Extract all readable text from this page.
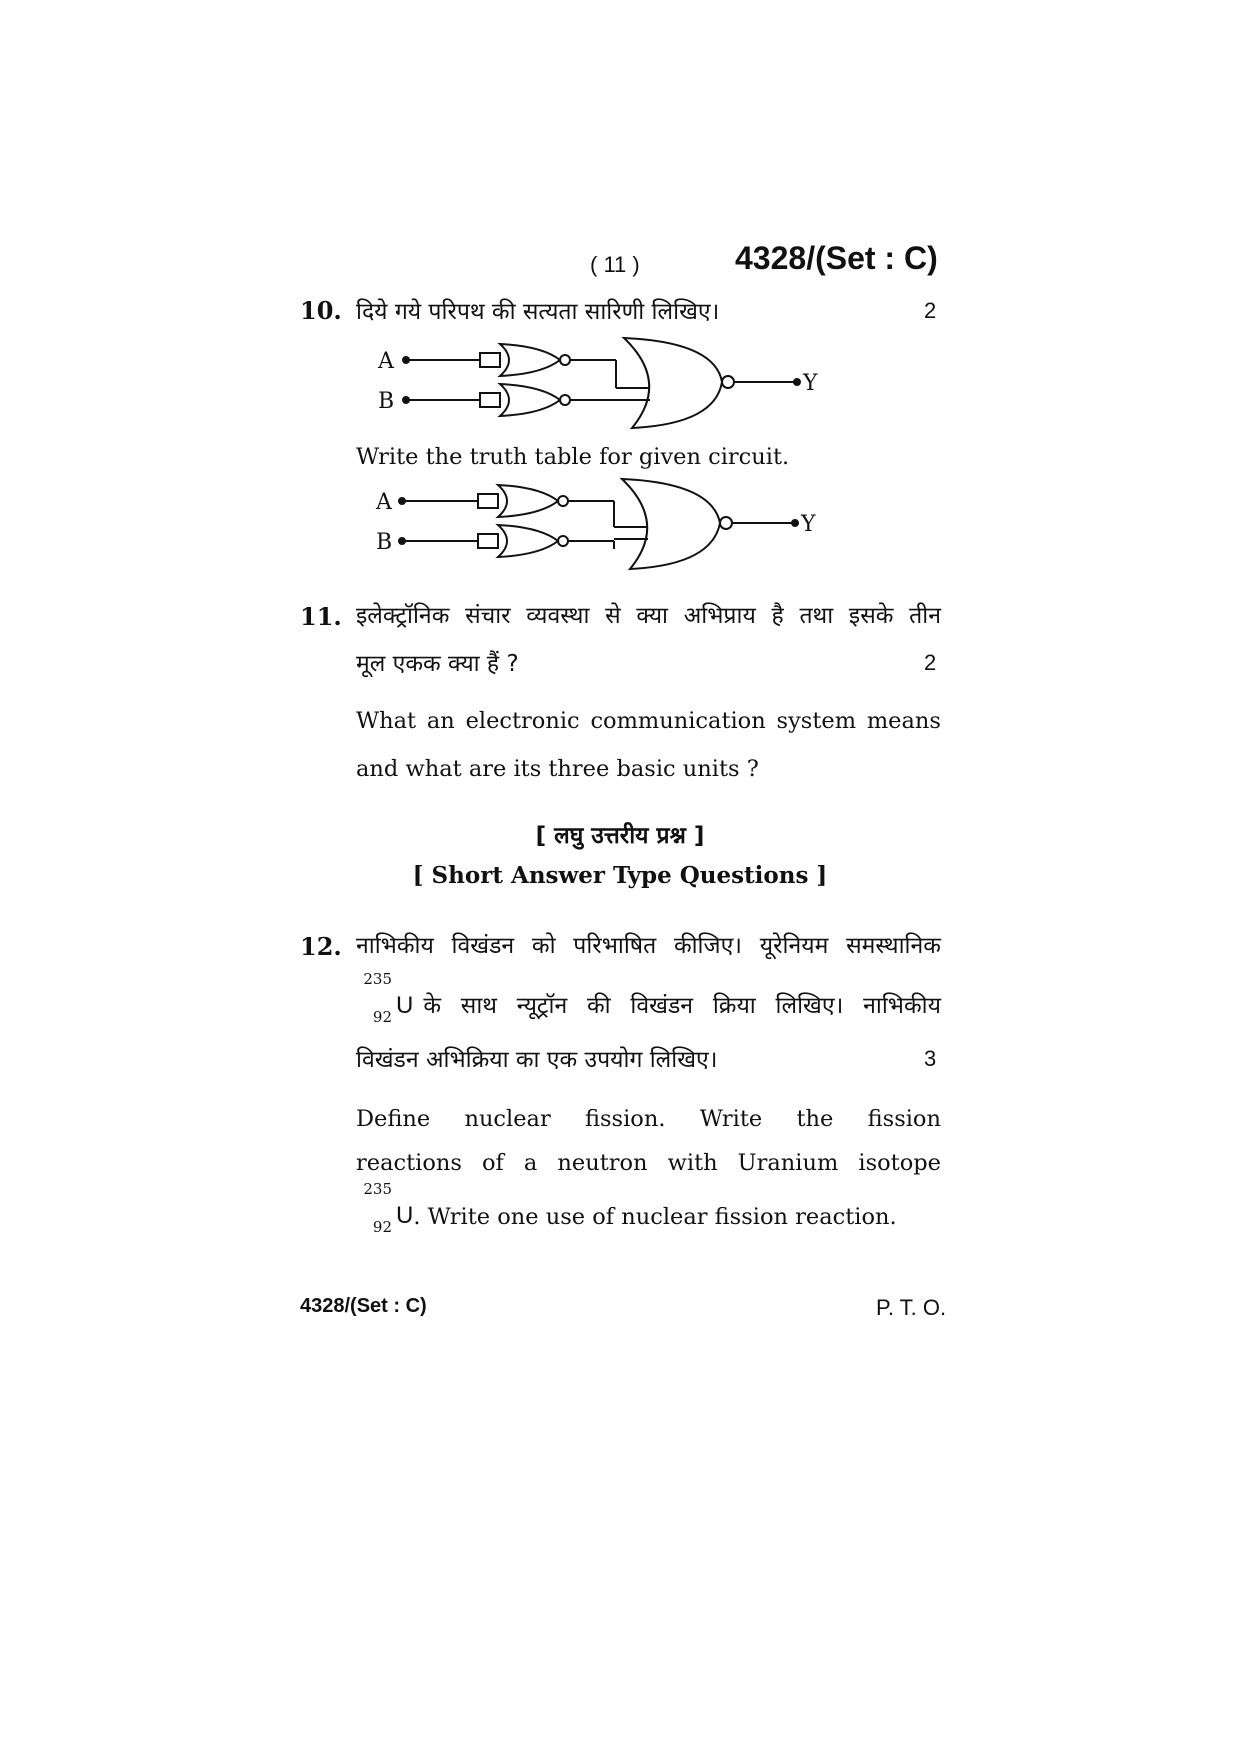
( 11 )	4328/(Set : C)
10. दिये गये परिपथ की सत्यता सारिणी लिखिए।	2
A
B
Y
Write the truth table for given circuit.
A
B
Y
11. इलेक्ट्रॉनिक संचार व्यवस्था से क्या अभिप्राय है तथा इसके तीन
मूल एकक क्या हैं ?	2
What an electronic communication system means
and what are its three basic units ?
[ लघु उत्तरीय प्रश्न ]
[ Short Answer Type Questions ]
12. नाभिकीय विखंडन को परिभाषित कीजिए। यूरेनियम समस्थानिक
235
92 U के साथ न्यूट्रॉन की विखंडन क्रिया लिखिए। नाभिकीय
विखंडन अभिक्रिया का एक उपयोग लिखिए।	3
Define nuclear fission. Write the fission
reactions of a neutron with Uranium isotope
235
92 U . Write one use of nuclear fission reaction.
4328/(Set : C)	P. T. O.
